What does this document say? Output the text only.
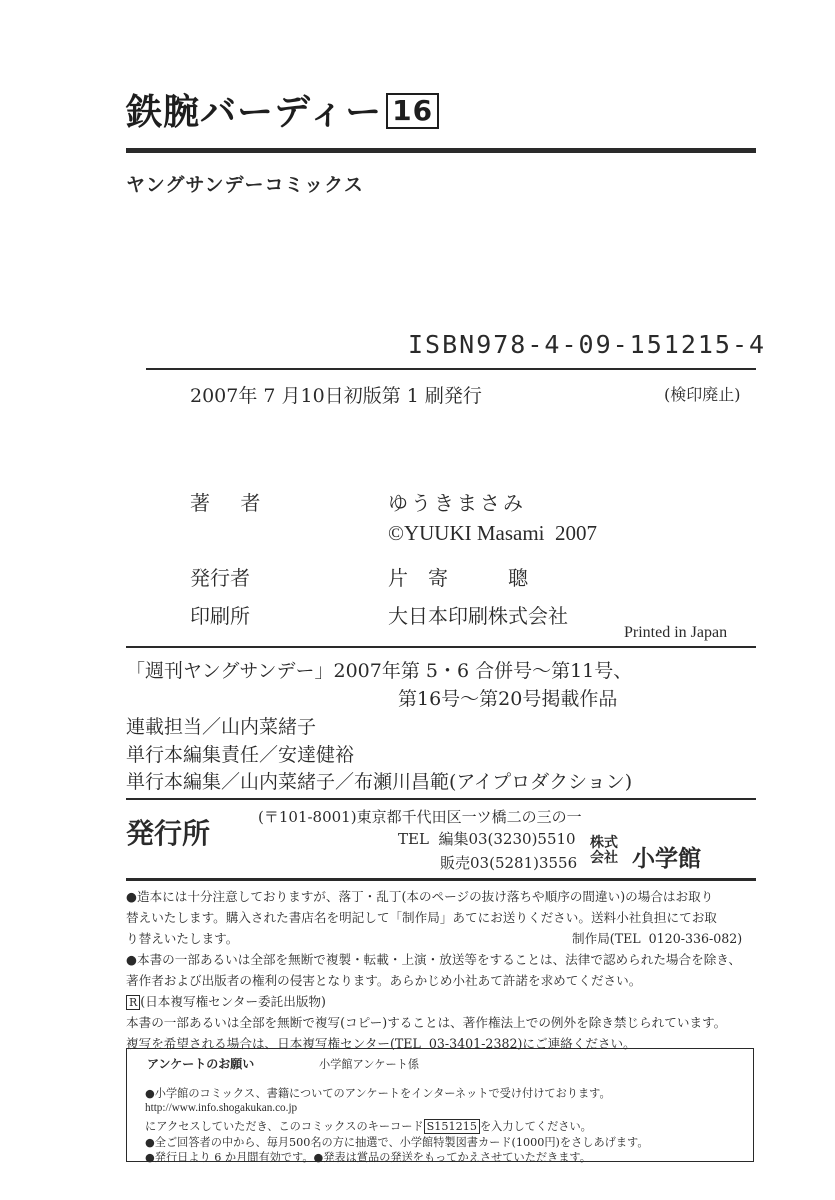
鉄腕バーディー 16
ヤングサンデーコミックス
ISBN978-4-09-151215-4
2007年 7 月10日初版第 1 刷発行	(検印廃止)
著 者	ゆうきまさみ
©YUUKI Masami  2007
発行者	片　寄　　　聰
印刷所	大日本印刷株式会社
Printed in Japan
「週刊ヤングサンデー」2007年第 5・6 合併号〜第11号、
第16号〜第20号掲載作品
連載担当／山内菜緒子
単行本編集責任／安達健裕
単行本編集／山内菜緒子／布瀬川昌範(アイプロダクション)
発行所	(〒101-8001)東京都千代田区一ツ橋二の三の一
TEL  編集03(3230)5510
販売03(5281)3556
株式
会社 小学館
●造本には十分注意しておりますが、落丁・乱丁(本のページの抜け落ちや順序の間違い)の場合はお取り
替えいたします。購入された書店名を明記して「制作局」あてにお送りください。送料小社負担にてお取
り替えいたします。	制作局(TEL  0120-336-082)
●本書の一部あるいは全部を無断で複製・転載・上演・放送等をすることは、法律で認められた場合を除き、
著作者および出版者の権利の侵害となります。あらかじめ小社あて許諾を求めてください。
R (日本複写権センター委託出版物)
本書の一部あるいは全部を無断で複写(コピー)することは、著作権法上での例外を除き禁じられています。
複写を希望される場合は、日本複写権センター(TEL  03-3401-2382)にご連絡ください。
アンケートのお願い	小学館アンケート係
●小学館のコミックス、書籍についてのアンケートをインターネットで受け付けております。
http://www.info.shogakukan.co.jp
にアクセスしていただき、このコミックスのキーコード S151215 を入力してください。
●全ご回答者の中から、毎月500名の方に抽選で、小学館特製図書カード(1000円)をさしあげます。
●発行日より 6 か月間有効です。●発表は賞品の発送をもってかえさせていただきます。
